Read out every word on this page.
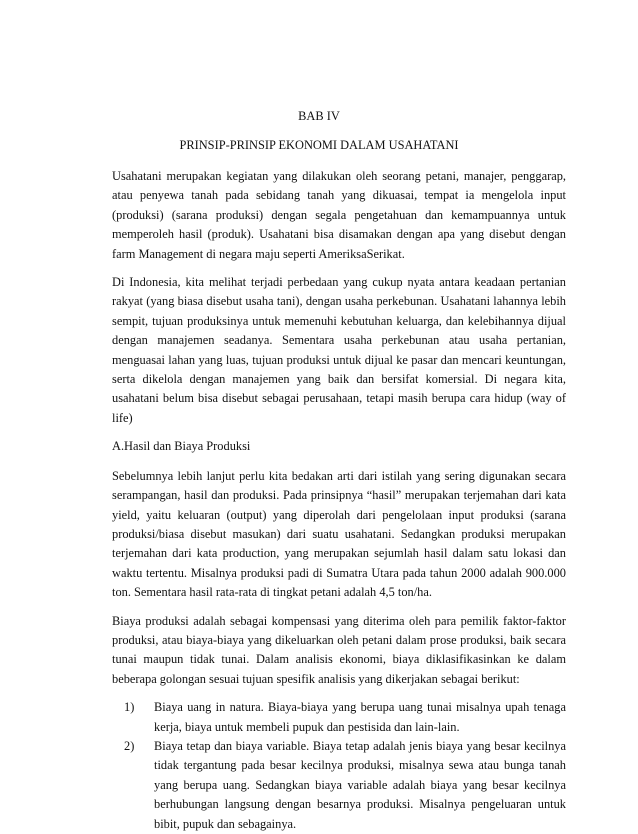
BAB IV
PRINSIP-PRINSIP EKONOMI DALAM USAHATANI

Usahatani merupakan kegiatan yang dilakukan oleh seorang petani, manajer, penggarap, atau penyewa tanah pada sebidang tanah yang dikuasai, tempat ia mengelola input (produksi) (sarana produksi) dengan segala pengetahuan dan kemampuannya untuk memperoleh hasil (produk). Usahatani bisa disamakan dengan apa yang disebut dengan farm Management di negara maju seperti AmeriksaSerikat.

Di Indonesia, kita melihat terjadi perbedaan yang cukup nyata antara keadaan pertanian rakyat (yang biasa disebut usaha tani), dengan usaha perkebunan. Usahatani lahannya lebih sempit, tujuan produksinya untuk memenuhi kebutuhan keluarga, dan kelebihannya dijual dengan manajemen seadanya. Sementara usaha perkebunan atau usaha pertanian, menguasai lahan yang luas, tujuan produksi untuk dijual ke pasar dan mencari keuntungan, serta dikelola dengan manajemen yang baik dan bersifat komersial. Di negara kita, usahatani belum bisa disebut sebagai perusahaan, tetapi masih berupa cara hidup (way of life)

A.Hasil dan Biaya Produksi

Sebelumnya lebih lanjut perlu kita bedakan arti dari istilah yang sering digunakan secara serampangan, hasil dan produksi. Pada prinsipnya “hasil” merupakan terjemahan dari kata yield, yaitu keluaran (output) yang diperolah dari pengelolaan input produksi (sarana produksi/biasa disebut masukan) dari suatu usahatani. Sedangkan produksi merupakan terjemahan dari kata production, yang merupakan sejumlah hasil dalam satu lokasi dan waktu tertentu. Misalnya produksi padi di Sumatra Utara pada tahun 2000 adalah 900.000 ton. Sementara hasil rata-rata di tingkat petani adalah 4,5 ton/ha.

Biaya produksi adalah sebagai kompensasi yang diterima oleh para pemilik faktor-faktor produksi, atau biaya-biaya yang dikeluarkan oleh petani dalam prose produksi, baik secara tunai maupun tidak tunai. Dalam analisis ekonomi, biaya diklasifikasinkan ke dalam beberapa golongan sesuai tujuan spesifik analisis yang dikerjakan sebagai berikut:

1) Biaya uang in natura. Biaya-biaya yang berupa uang tunai misalnya upah tenaga kerja, biaya untuk membeli pupuk dan pestisida dan lain-lain.
2) Biaya tetap dan biaya variable. Biaya tetap adalah jenis biaya yang besar kecilnya tidak tergantung pada besar kecilnya produksi, misalnya sewa atau bunga tanah yang berupa uang. Sedangkan biaya variable adalah biaya yang besar kecilnya berhubungan langsung dengan besarnya produksi. Misalnya pengeluaran untuk bibit, pupuk dan sebagainya.
